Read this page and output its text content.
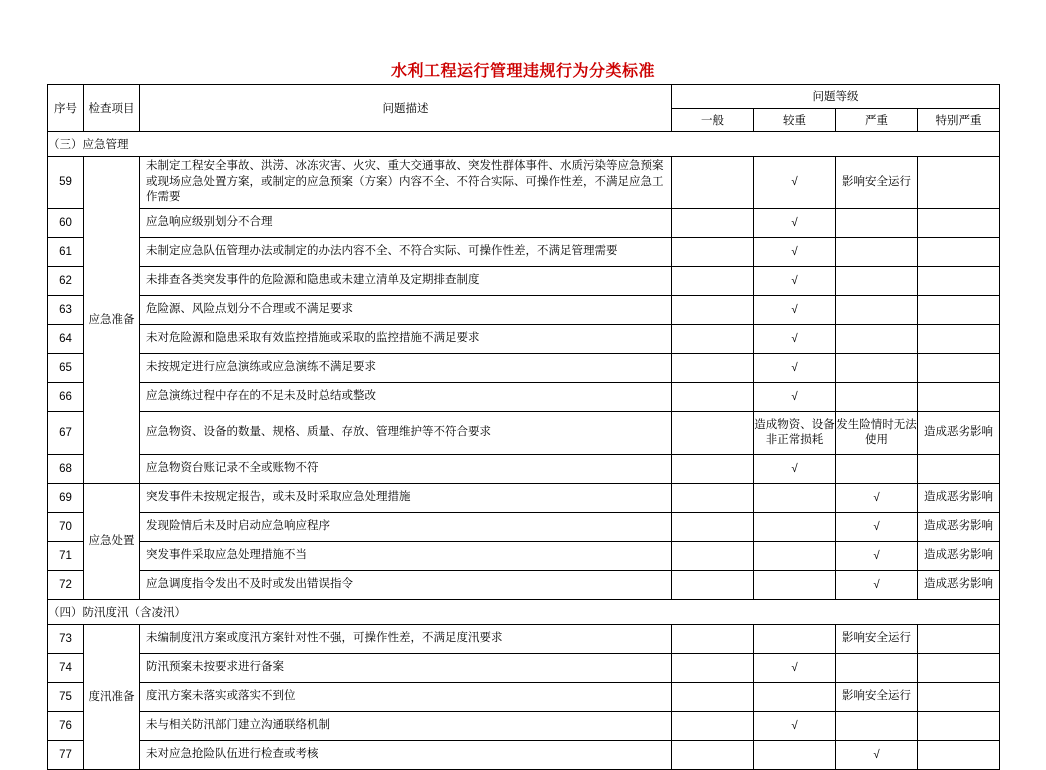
水利工程运行管理违规行为分类标准
序号	检查项目	问题描述	问题等级			
			一般	较重	严重	特别严重
（三）应急管理						
59	应急准备	未制定工程安全事故、洪涝、冰冻灾害、火灾、重大交通事故、突发性群体事件、水质污染等应急预案或现场应急处置方案，或制定的应急预案（方案）内容不全、不符合实际、可操作性差，不满足应急工作需要		√	影响安全运行	
60		应急响应级别划分不合理		√		
61		未制定应急队伍管理办法或制定的办法内容不全、不符合实际、可操作性差，不满足管理需要		√		
62		未排查各类突发事件的危险源和隐患或未建立清单及定期排查制度		√		
63		危险源、风险点划分不合理或不满足要求		√		
64		未对危险源和隐患采取有效监控措施或采取的监控措施不满足要求		√		
65		未按规定进行应急演练或应急演练不满足要求		√		
66		应急演练过程中存在的不足未及时总结或整改		√		
67		应急物资、设备的数量、规格、质量、存放、管理维护等不符合要求		造成物资、设备非正常损耗	发生险情时无法使用	造成恶劣影响
68		应急物资台账记录不全或账物不符		√		
69	应急处置	突发事件未按规定报告，或未及时采取应急处理措施			√	造成恶劣影响
70		发现险情后未及时启动应急响应程序			√	造成恶劣影响
71		突发事件采取应急处理措施不当			√	造成恶劣影响
72		应急调度指令发出不及时或发出错误指令			√	造成恶劣影响
（四）防汛度汛（含凌汛）						
73	度汛准备	未编制度汛方案或度汛方案针对性不强，可操作性差，不满足度汛要求			影响安全运行	
74		防汛预案未按要求进行备案		√		
75		度汛方案未落实或落实不到位			影响安全运行	
76		未与相关防汛部门建立沟通联络机制		√		
77		未对应急抢险队伍进行检查或考核			√	
